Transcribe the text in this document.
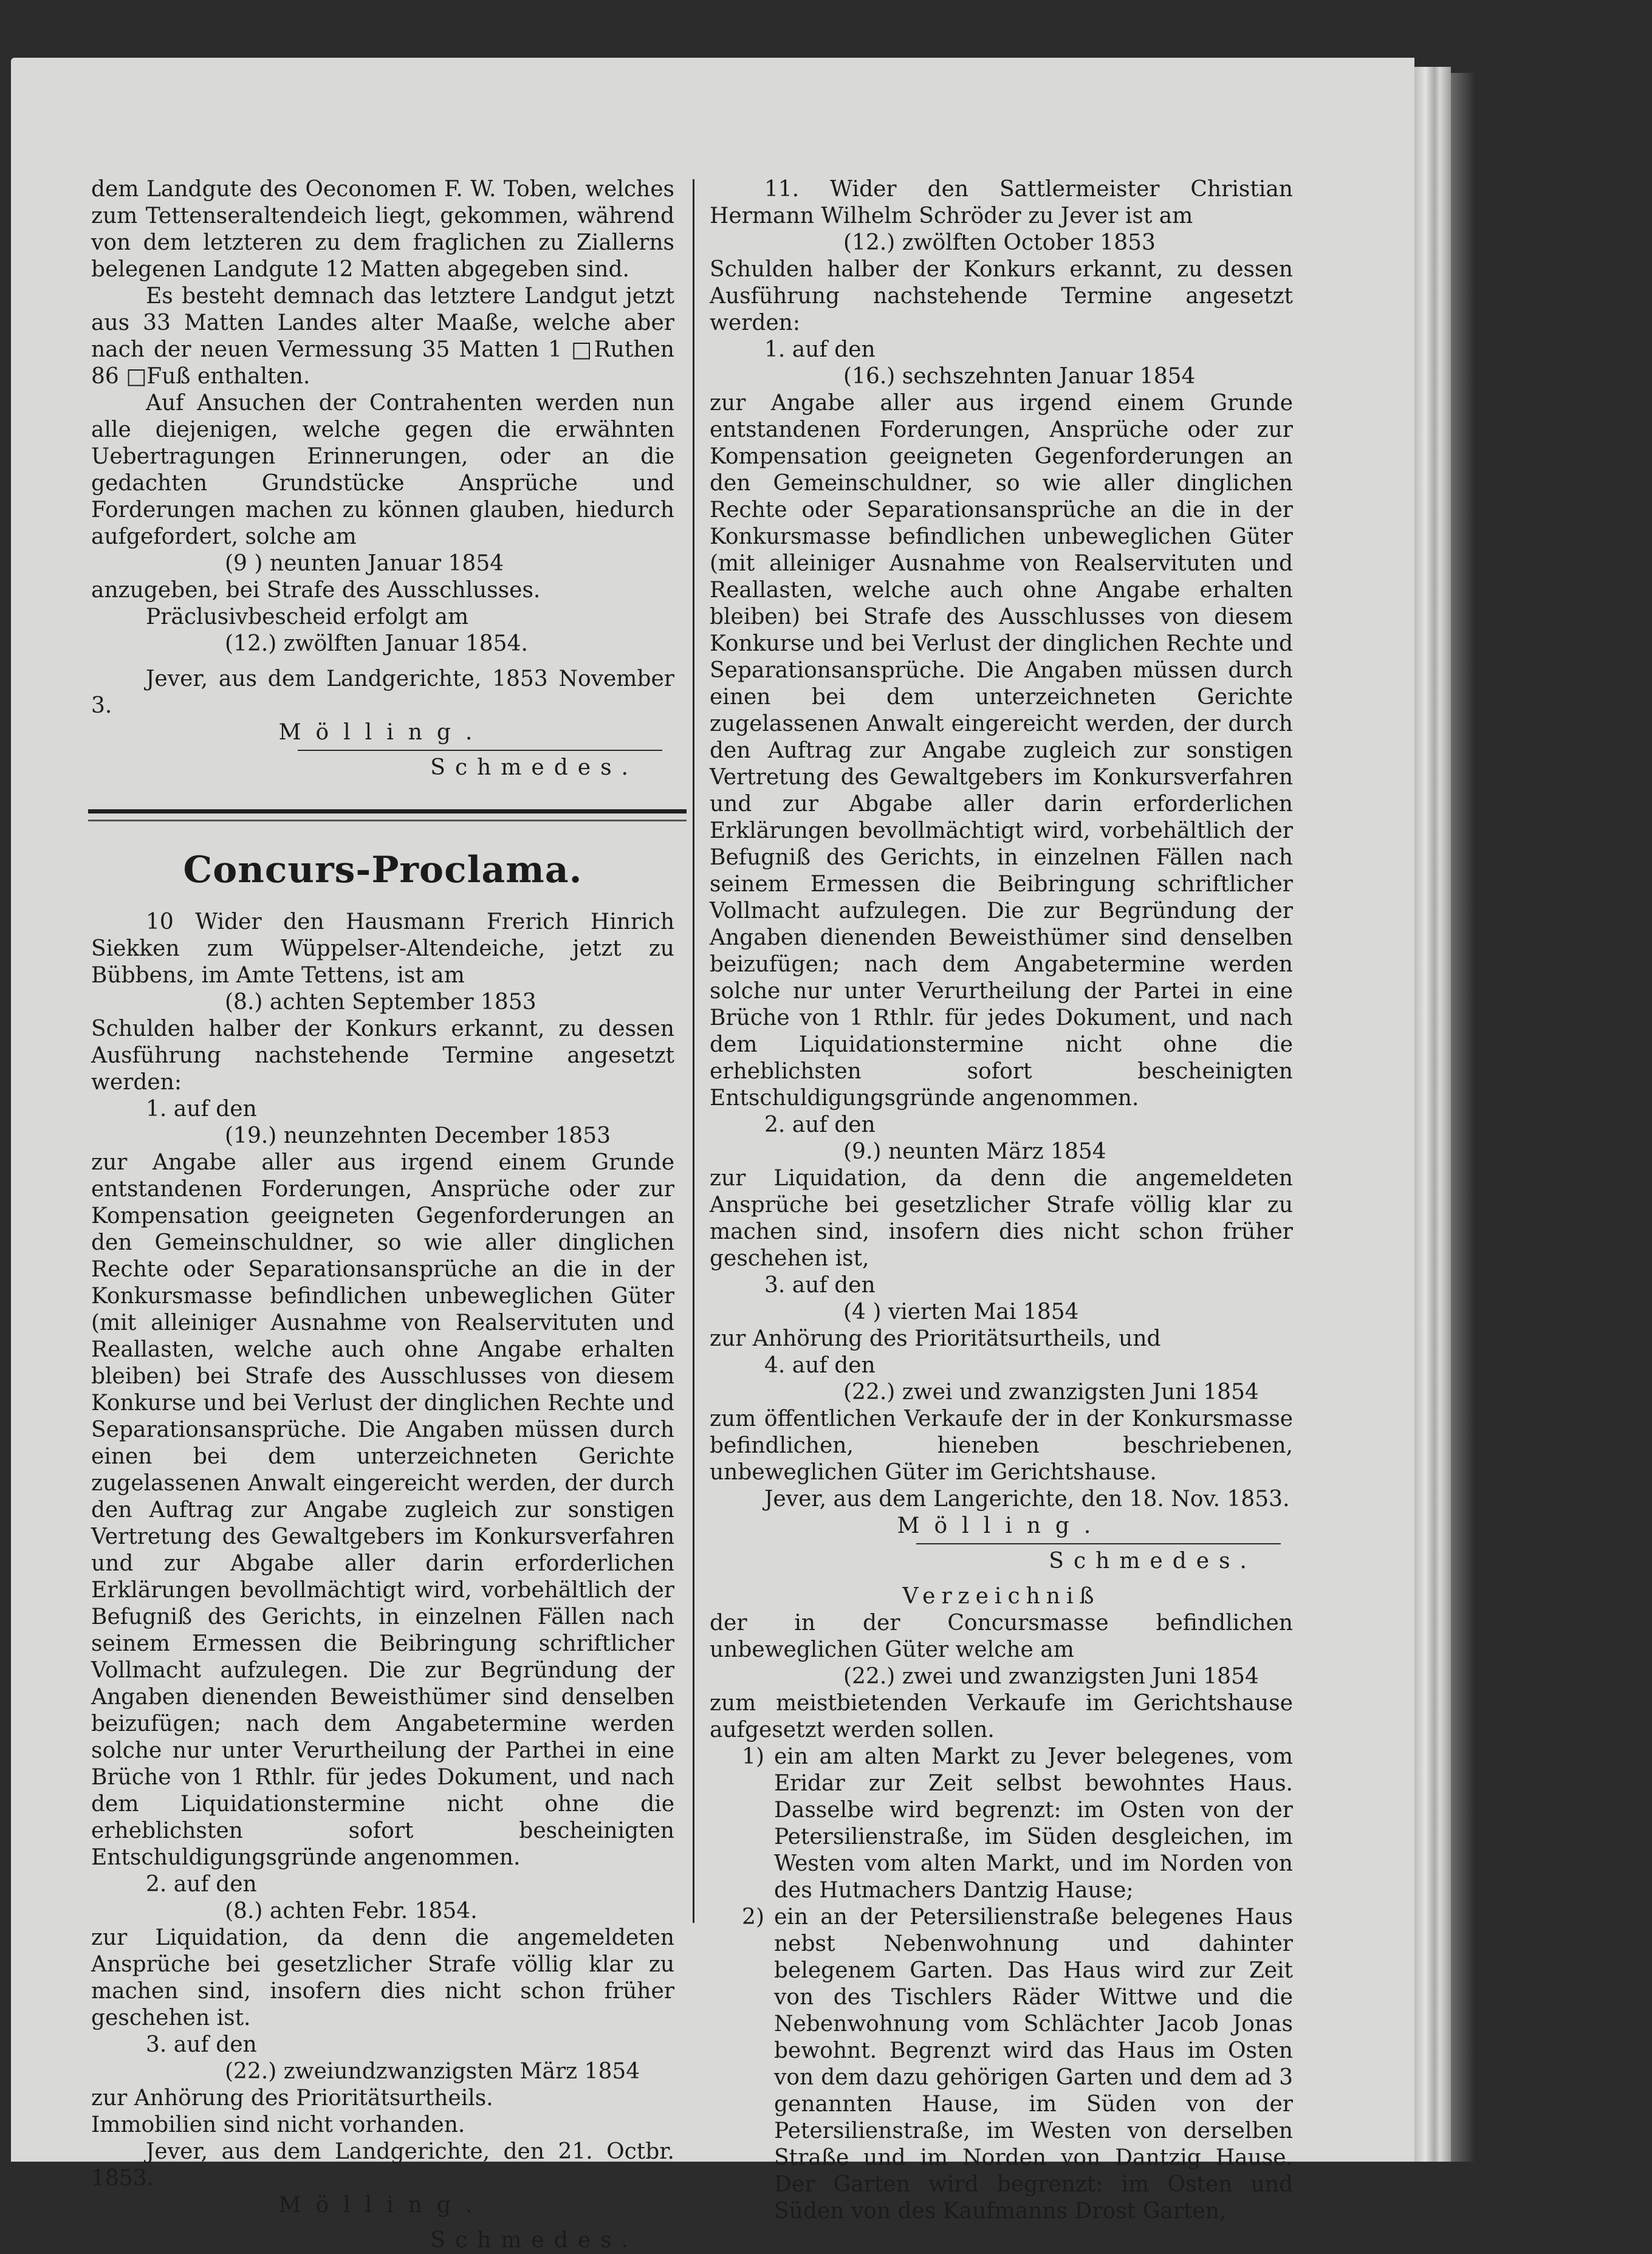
dem Landgute des Oeconomen F. W. Toben, welches zum Tettenseraltendeich liegt, gekommen, während von dem letzteren zu dem fraglichen zu Ziallerns belegenen Landgute 12 Matten abgegeben sind.

Es besteht demnach das letztere Landgut jetzt aus 33 Matten Landes alter Maaße, welche aber nach der neuen Vermessung 35 Matten 1 □Ruthen 86 □Fuß enthalten.

Auf Ansuchen der Contrahenten werden nun alle diejenigen, welche gegen die erwähnten Uebertragungen Erinnerungen, oder an die gedachten Grundstücke Ansprüche und Forderungen machen zu können glauben, hiedurch aufgefordert, solche am

(9 ) neunten Januar 1854

anzugeben, bei Strafe des Ausschlusses.

Präclusivbescheid erfolgt am

(12.) zwölften Januar 1854.

Jever, aus dem Landgerichte, 1853 November 3.

Mölling.

Schmedes.

Concurs-Proclama.

10 Wider den Hausmann Frerich Hinrich Siekken zum Wüppelser-Altendeiche, jetzt zu Bübbens, im Amte Tettens, ist am

(8.) achten September 1853

Schulden halber der Konkurs erkannt, zu dessen Ausführung nachstehende Termine angesetzt werden:

1. auf den

(19.) neunzehnten December 1853

zur Angabe aller aus irgend einem Grunde entstandenen Forderungen, Ansprüche oder zur Kompensation geeigneten Gegenforderungen an den Gemeinschuldner, so wie aller dinglichen Rechte oder Separationsansprüche an die in der Konkursmasse befindlichen unbeweglichen Güter (mit alleiniger Ausnahme von Realservituten und Reallasten, welche auch ohne Angabe erhalten bleiben) bei Strafe des Ausschlusses von diesem Konkurse und bei Verlust der dinglichen Rechte und Separationsansprüche. Die Angaben müssen durch einen bei dem unterzeichneten Gerichte zugelassenen Anwalt eingereicht werden, der durch den Auftrag zur Angabe zugleich zur sonstigen Vertretung des Gewaltgebers im Konkursverfahren und zur Abgabe aller darin erforderlichen Erklärungen bevollmächtigt wird, vorbehältlich der Befugniß des Gerichts, in einzelnen Fällen nach seinem Ermessen die Beibringung schriftlicher Vollmacht aufzulegen. Die zur Begründung der Angaben dienenden Beweisthümer sind denselben beizufügen; nach dem Angabetermine werden solche nur unter Verurtheilung der Parthei in eine Brüche von 1 Rthlr. für jedes Dokument, und nach dem Liquidationstermine nicht ohne die erheblichsten sofort bescheinigten Entschuldigungsgründe angenommen.

2. auf den

(8.) achten Febr. 1854.

zur Liquidation, da denn die angemeldeten Ansprüche bei gesetzlicher Strafe völlig klar zu machen sind, insofern dies nicht schon früher geschehen ist.

3. auf den

(22.) zweiundzwanzigsten März 1854

zur Anhörung des Prioritätsurtheils.

Immobilien sind nicht vorhanden.

Jever, aus dem Landgerichte, den 21. Octbr. 1853.

Mölling.

Schmedes.

11. Wider den Sattlermeister Christian Hermann Wilhelm Schröder zu Jever ist am

(12.) zwölften October 1853

Schulden halber der Konkurs erkannt, zu dessen Ausführung nachstehende Termine angesetzt werden:

1. auf den

(16.) sechszehnten Januar 1854

zur Angabe aller aus irgend einem Grunde entstandenen Forderungen, Ansprüche oder zur Kompensation geeigneten Gegenforderungen an den Gemeinschuldner, so wie aller dinglichen Rechte oder Separationsansprüche an die in der Konkursmasse befindlichen unbeweglichen Güter (mit alleiniger Ausnahme von Realservituten und Reallasten, welche auch ohne Angabe erhalten bleiben) bei Strafe des Ausschlusses von diesem Konkurse und bei Verlust der dinglichen Rechte und Separationsansprüche. Die Angaben müssen durch einen bei dem unterzeichneten Gerichte zugelassenen Anwalt eingereicht werden, der durch den Auftrag zur Angabe zugleich zur sonstigen Vertretung des Gewaltgebers im Konkursverfahren und zur Abgabe aller darin erforderlichen Erklärungen bevollmächtigt wird, vorbehältlich der Befugniß des Gerichts, in einzelnen Fällen nach seinem Ermessen die Beibringung schriftlicher Vollmacht aufzulegen. Die zur Begründung der Angaben dienenden Beweisthümer sind denselben beizufügen; nach dem Angabetermine werden solche nur unter Verurtheilung der Partei in eine Brüche von 1 Rthlr. für jedes Dokument, und nach dem Liquidationstermine nicht ohne die erheblichsten sofort bescheinigten Entschuldigungsgründe angenommen.

2. auf den

(9.) neunten März 1854

zur Liquidation, da denn die angemeldeten Ansprüche bei gesetzlicher Strafe völlig klar zu machen sind, insofern dies nicht schon früher geschehen ist,

3. auf den

(4 ) vierten Mai 1854

zur Anhörung des Prioritätsurtheils, und

4. auf den

(22.) zwei und zwanzigsten Juni 1854

zum öffentlichen Verkaufe der in der Konkursmasse befindlichen, hieneben beschriebenen, unbeweglichen Güter im Gerichtshause.

Jever, aus dem Langerichte, den 18. Nov. 1853.

Mölling.

Schmedes.

Verzeichniß

der in der Concursmasse befindlichen unbeweglichen Güter welche am

(22.) zwei und zwanzigsten Juni 1854

zum meistbietenden Verkaufe im Gerichtshause aufgesetzt werden sollen.

1) ein am alten Markt zu Jever belegenes, vom Eridar zur Zeit selbst bewohntes Haus. Dasselbe wird begrenzt: im Osten von der Petersilienstraße, im Süden desgleichen, im Westen vom alten Markt, und im Norden von des Hutmachers Dantzig Hause;
2) ein an der Petersilienstraße belegenes Haus nebst Nebenwohnung und dahinter belegenem Garten. Das Haus wird zur Zeit von des Tischlers Räder Wittwe und die Nebenwohnung vom Schlächter Jacob Jonas bewohnt. Begrenzt wird das Haus im Osten von dem dazu gehörigen Garten und dem ad 3 genannten Hause, im Süden von der Petersilienstraße, im Westen von derselben Straße und im Norden von Dantzig Hause. Der Garten wird begrenzt: im Osten und Süden von des Kaufmanns Drost Garten,
